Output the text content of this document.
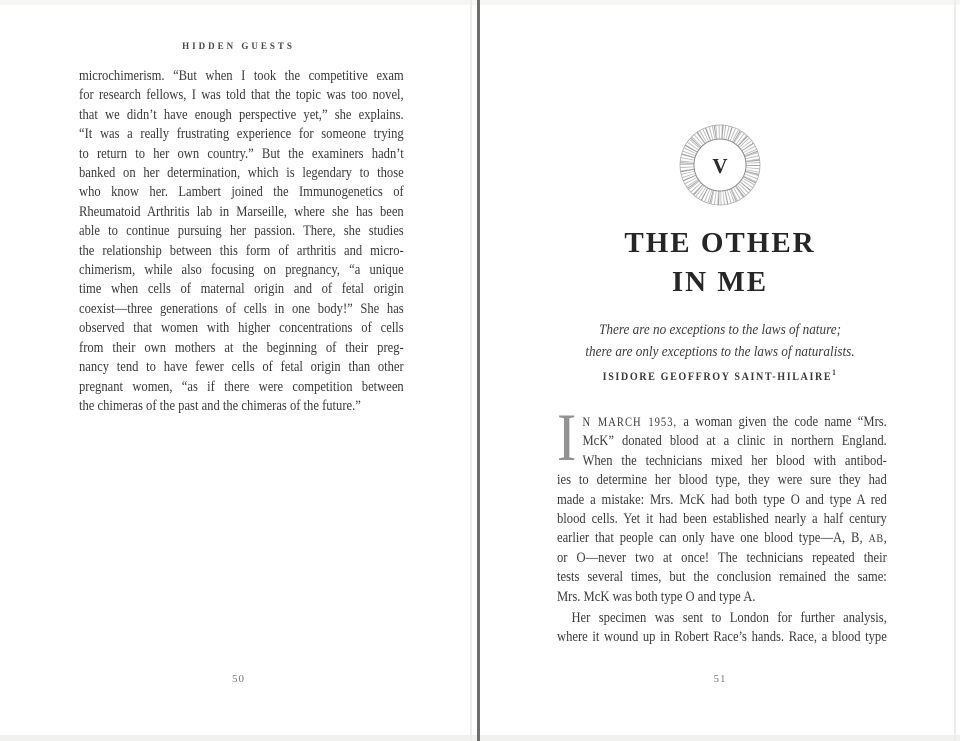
HIDDEN GUESTS
microchimerism. “But when I took the competitive exam
for research fellows, I was told that the topic was too novel,
that we didn’t have enough perspective yet,” she explains.
“It was a really frustrating experience for someone trying
to return to her own country.” But the examiners hadn’t
banked on her determination, which is legendary to those
who know her. Lambert joined the Immunogenetics of
Rheumatoid Arthritis lab in Marseille, where she has been
able to continue pursuing her passion. There, she studies
the relationship between this form of arthritis and micro-
chimerism, while also focusing on pregnancy, “a unique
time when cells of maternal origin and of fetal origin
coexist—three generations of cells in one body!” She has
observed that women with higher concentrations of cells
from their own mothers at the beginning of their preg-
nancy tend to have fewer cells of fetal origin than other
pregnant women, “as if there were competition between
the chimeras of the past and the chimeras of the future.”
50
V
THE OTHER
IN ME
There are no exceptions to the laws of nature;
there are only exceptions to the laws of naturalists.
ISIDORE GEOFFROY SAINT-HILAIRE$^1$
I N MARCH 1953, a woman given the code name “Mrs.
McK” donated blood at a clinic in northern England.
When the technicians mixed her blood with antibod-
ies to determine her blood type, they were sure they had
made a mistake: Mrs. McK had both type O and type A red
blood cells. Yet it had been established nearly a half century
earlier that people can only have one blood type—A, B, AB,
or O—never two at once! The technicians repeated their
tests several times, but the conclusion remained the same:
Mrs. McK was both type O and type A.
Her specimen was sent to London for further analysis,
where it wound up in Robert Race’s hands. Race, a blood type
51
